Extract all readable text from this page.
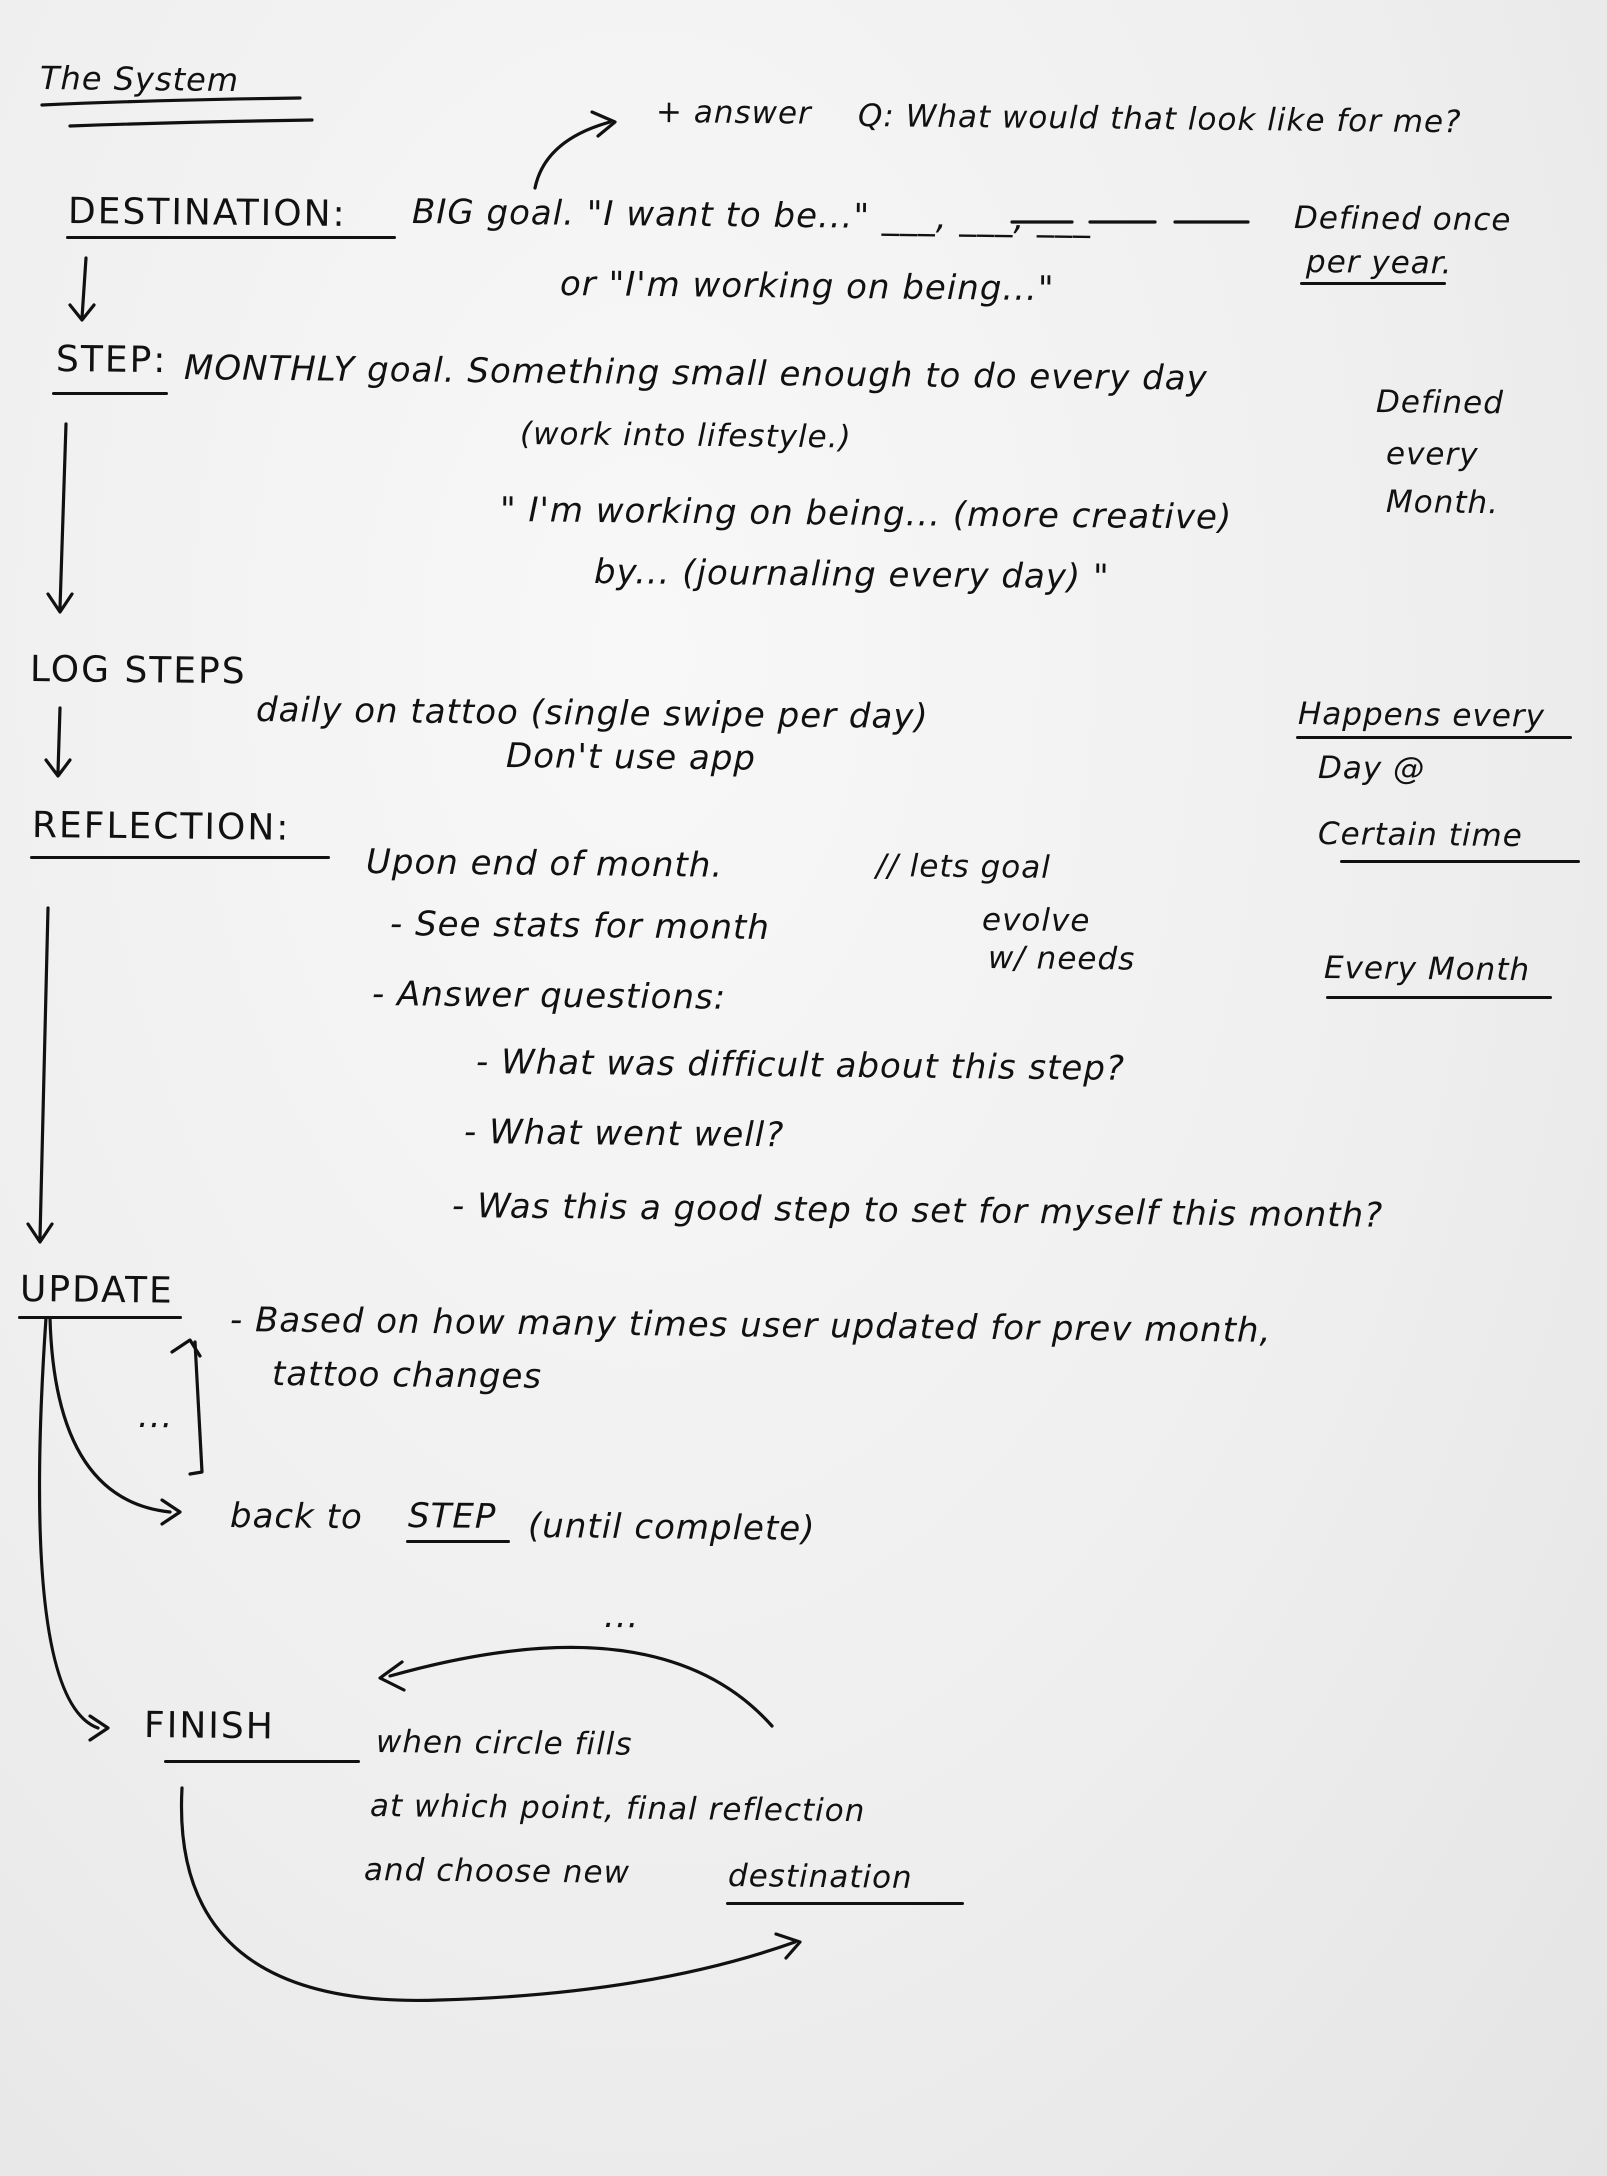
The System
+ answer Q: What would that look like for me?
DESTINATION: BIG goal. "I want to be..." ___, ___, ___
or "I'm working on being..."
Defined once
per year.
STEP: MONTHLY goal. Something small enough to do every day
(work into lifestyle.)
" I'm working on being... (more creative)
by... (journaling every day) "
Defined
every
Month.
LOG STEPS
daily on tattoo (single swipe per day)
Don't use app
Happens every
Day @
Certain time
REFLECTION:
Upon end of month.	// lets goal
evolve
w/ needs
- See stats for month
- Answer questions:
- What was difficult about this step?
- What went well?
- Was this a good step to set for myself this month?
Every Month
UPDATE
- Based on how many times user updated for prev month,
tattoo changes
...
back to STEP (until complete)
...
FINISH	when circle fills
at which point, final reflection
and choose new	destination
